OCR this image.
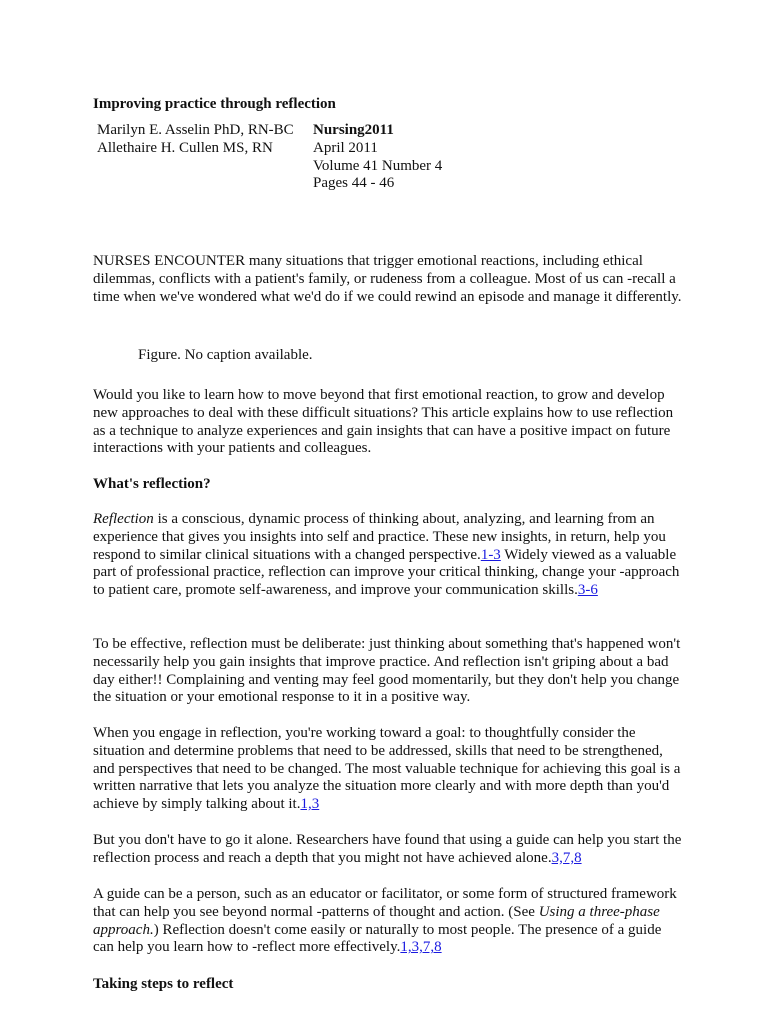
Improving practice through reflection
Marilyn E. Asselin PhD, RN-BC
Allethaire H. Cullen MS, RN
Nursing2011
April 2011
Volume 41 Number 4
Pages 44 - 46

NURSES ENCOUNTER many situations that trigger emotional reactions, including ethical dilemmas, conflicts with a patient's family, or rudeness from a colleague. Most of us can -recall a time when we've wondered what we'd do if we could rewind an episode and manage it differently.

Figure. No caption available.

Would you like to learn how to move beyond that first emotional reaction, to grow and develop new approaches to deal with these difficult situations? This article explains how to use reflection as a technique to analyze experiences and gain insights that can have a positive impact on future interactions with your patients and colleagues.

What's reflection?

Reflection is a conscious, dynamic process of thinking about, analyzing, and learning from an experience that gives you insights into self and practice. These new insights, in return, help you respond to similar clinical situations with a changed perspective.1-3 Widely viewed as a valuable part of professional practice, reflection can improve your critical thinking, change your -approach to patient care, promote self-awareness, and improve your communication skills.3-6

To be effective, reflection must be deliberate: just thinking about something that's happened won't necessarily help you gain insights that improve practice. And reflection isn't griping about a bad day either!! Complaining and venting may feel good momentarily, but they don't help you change the situation or your emotional response to it in a positive way.

When you engage in reflection, you're working toward a goal: to thoughtfully consider the situation and determine problems that need to be addressed, skills that need to be strengthened, and perspectives that need to be changed. The most valuable technique for achieving this goal is a written narrative that lets you analyze the situation more clearly and with more depth than you'd achieve by simply talking about it.1,3

But you don't have to go it alone. Researchers have found that using a guide can help you start the reflection process and reach a depth that you might not have achieved alone.3,7,8

A guide can be a person, such as an educator or facilitator, or some form of structured framework that can help you see beyond normal -patterns of thought and action. (See Using a three-phase approach.) Reflection doesn't come easily or naturally to most people. The presence of a guide can help you learn how to -reflect more effectively.1,3,7,8

Taking steps to reflect
